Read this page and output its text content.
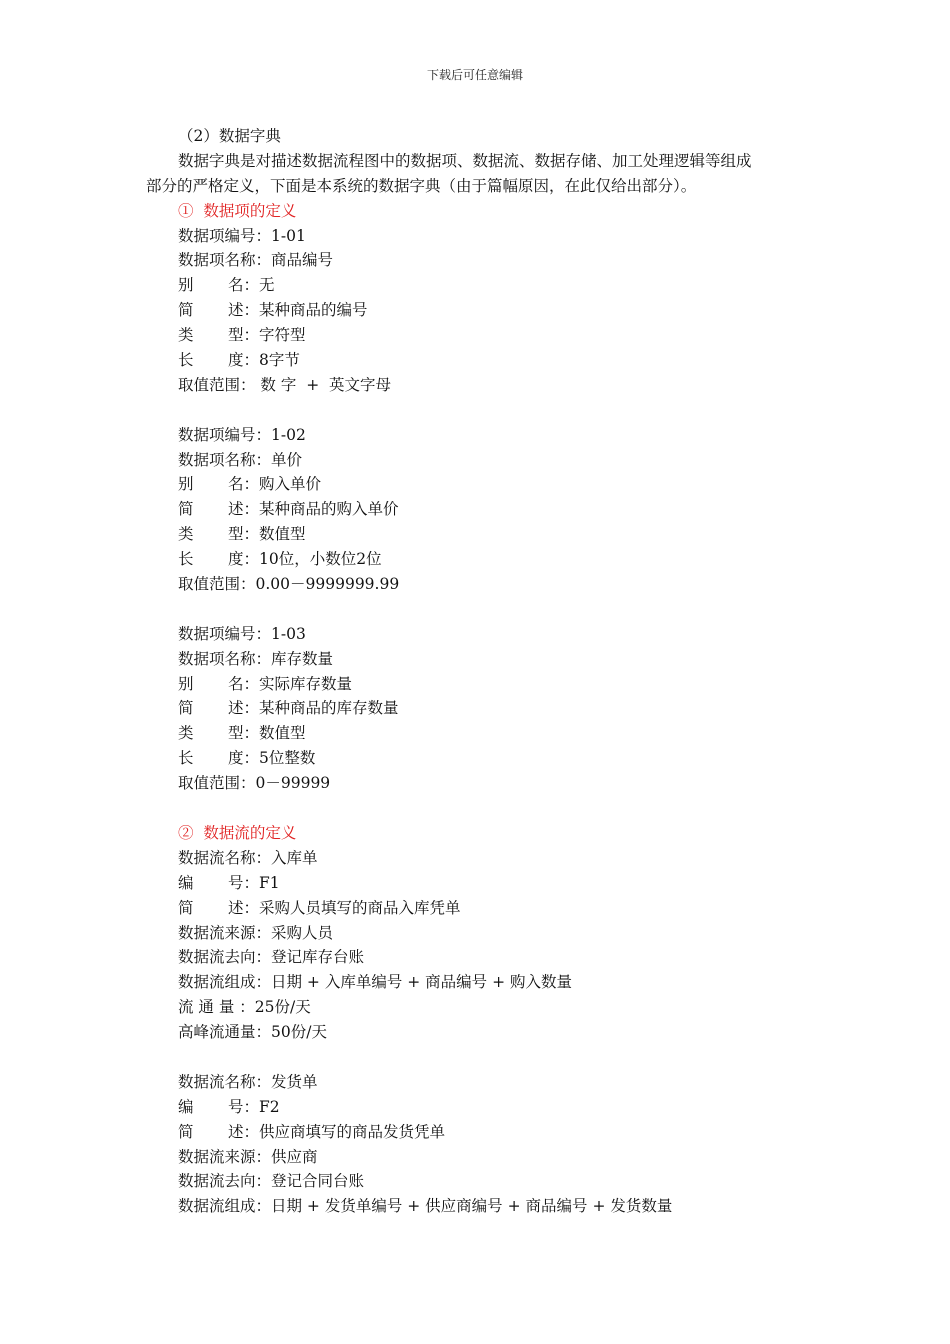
下载后可任意编辑
（2）数据字典
数据字典是对描述数据流程图中的数据项、数据流、数据存储、加工处理逻辑等组成
部分的严格定义，下面是本系统的数据字典（由于篇幅原因，在此仅给出部分）。
①  数据项的定义
数据项编号：1-01
数据项名称：商品编号
别       名：无
简       述：某种商品的编号
类       型：字符型
长       度：8字节
取值范围： 数 字  +  英文字母
数据项编号：1-02
数据项名称：单价
别       名：购入单价
简       述：某种商品的购入单价
类       型：数值型
长       度：10位，小数位2位
取值范围：0.00－9999999.99
数据项编号：1-03
数据项名称：库存数量
别       名：实际库存数量
简       述：某种商品的库存数量
类       型：数值型
长       度：5位整数
取值范围：0－99999
②  数据流的定义
数据流名称：入库单
编       号：F1
简       述：采购人员填写的商品入库凭单
数据流来源：采购人员
数据流去向：登记库存台账
数据流组成：日期 + 入库单编号 + 商品编号 + 购入数量
流 通 量 ：25份/天
高峰流通量：50份/天
数据流名称：发货单
编       号：F2
简       述：供应商填写的商品发货凭单
数据流来源：供应商
数据流去向：登记合同台账
数据流组成：日期 + 发货单编号 + 供应商编号 + 商品编号 + 发货数量
